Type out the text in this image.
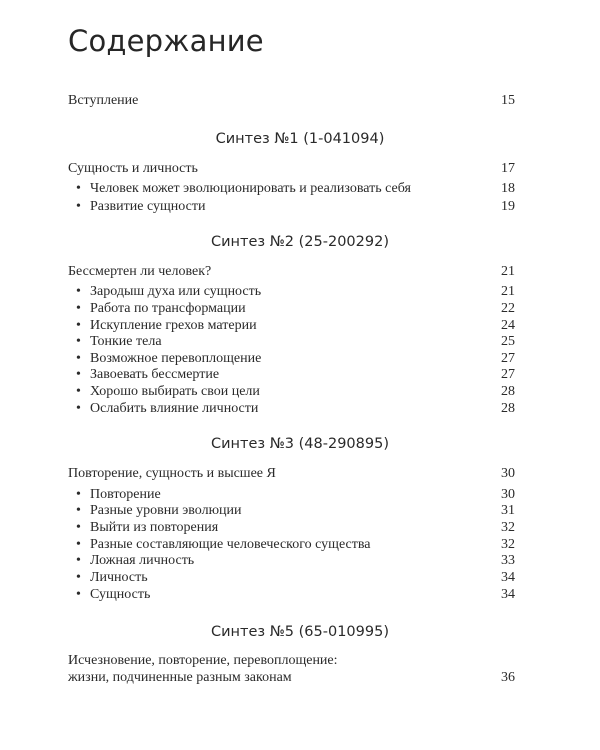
Содержание
Вступление	15
Синтез №1 (1-041094)
Сущность и личность	17
• Человек может эволюционировать и реализовать себя	18
• Развитие сущности	19
Синтез №2 (25-200292)
Бессмертен ли человек?	21
• Зародыш духа или сущность	21
• Работа по трансформации	22
• Искупление грехов материи	24
• Тонкие тела	25
• Возможное перевоплощение	27
• Завоевать бессмертие	27
• Хорошо выбирать свои цели	28
• Ослабить влияние личности	28
Синтез №3 (48-290895)
Повторение, сущность и высшее Я	30
• Повторение	30
• Разные уровни эволюции	31
• Выйти из повторения	32
• Разные составляющие человеческого существа	32
• Ложная личность	33
• Личность	34
• Сущность	34
Синтез №5 (65-010995)
Исчезновение, повторение, перевоплощение:
жизни, подчиненные разным законам	36
